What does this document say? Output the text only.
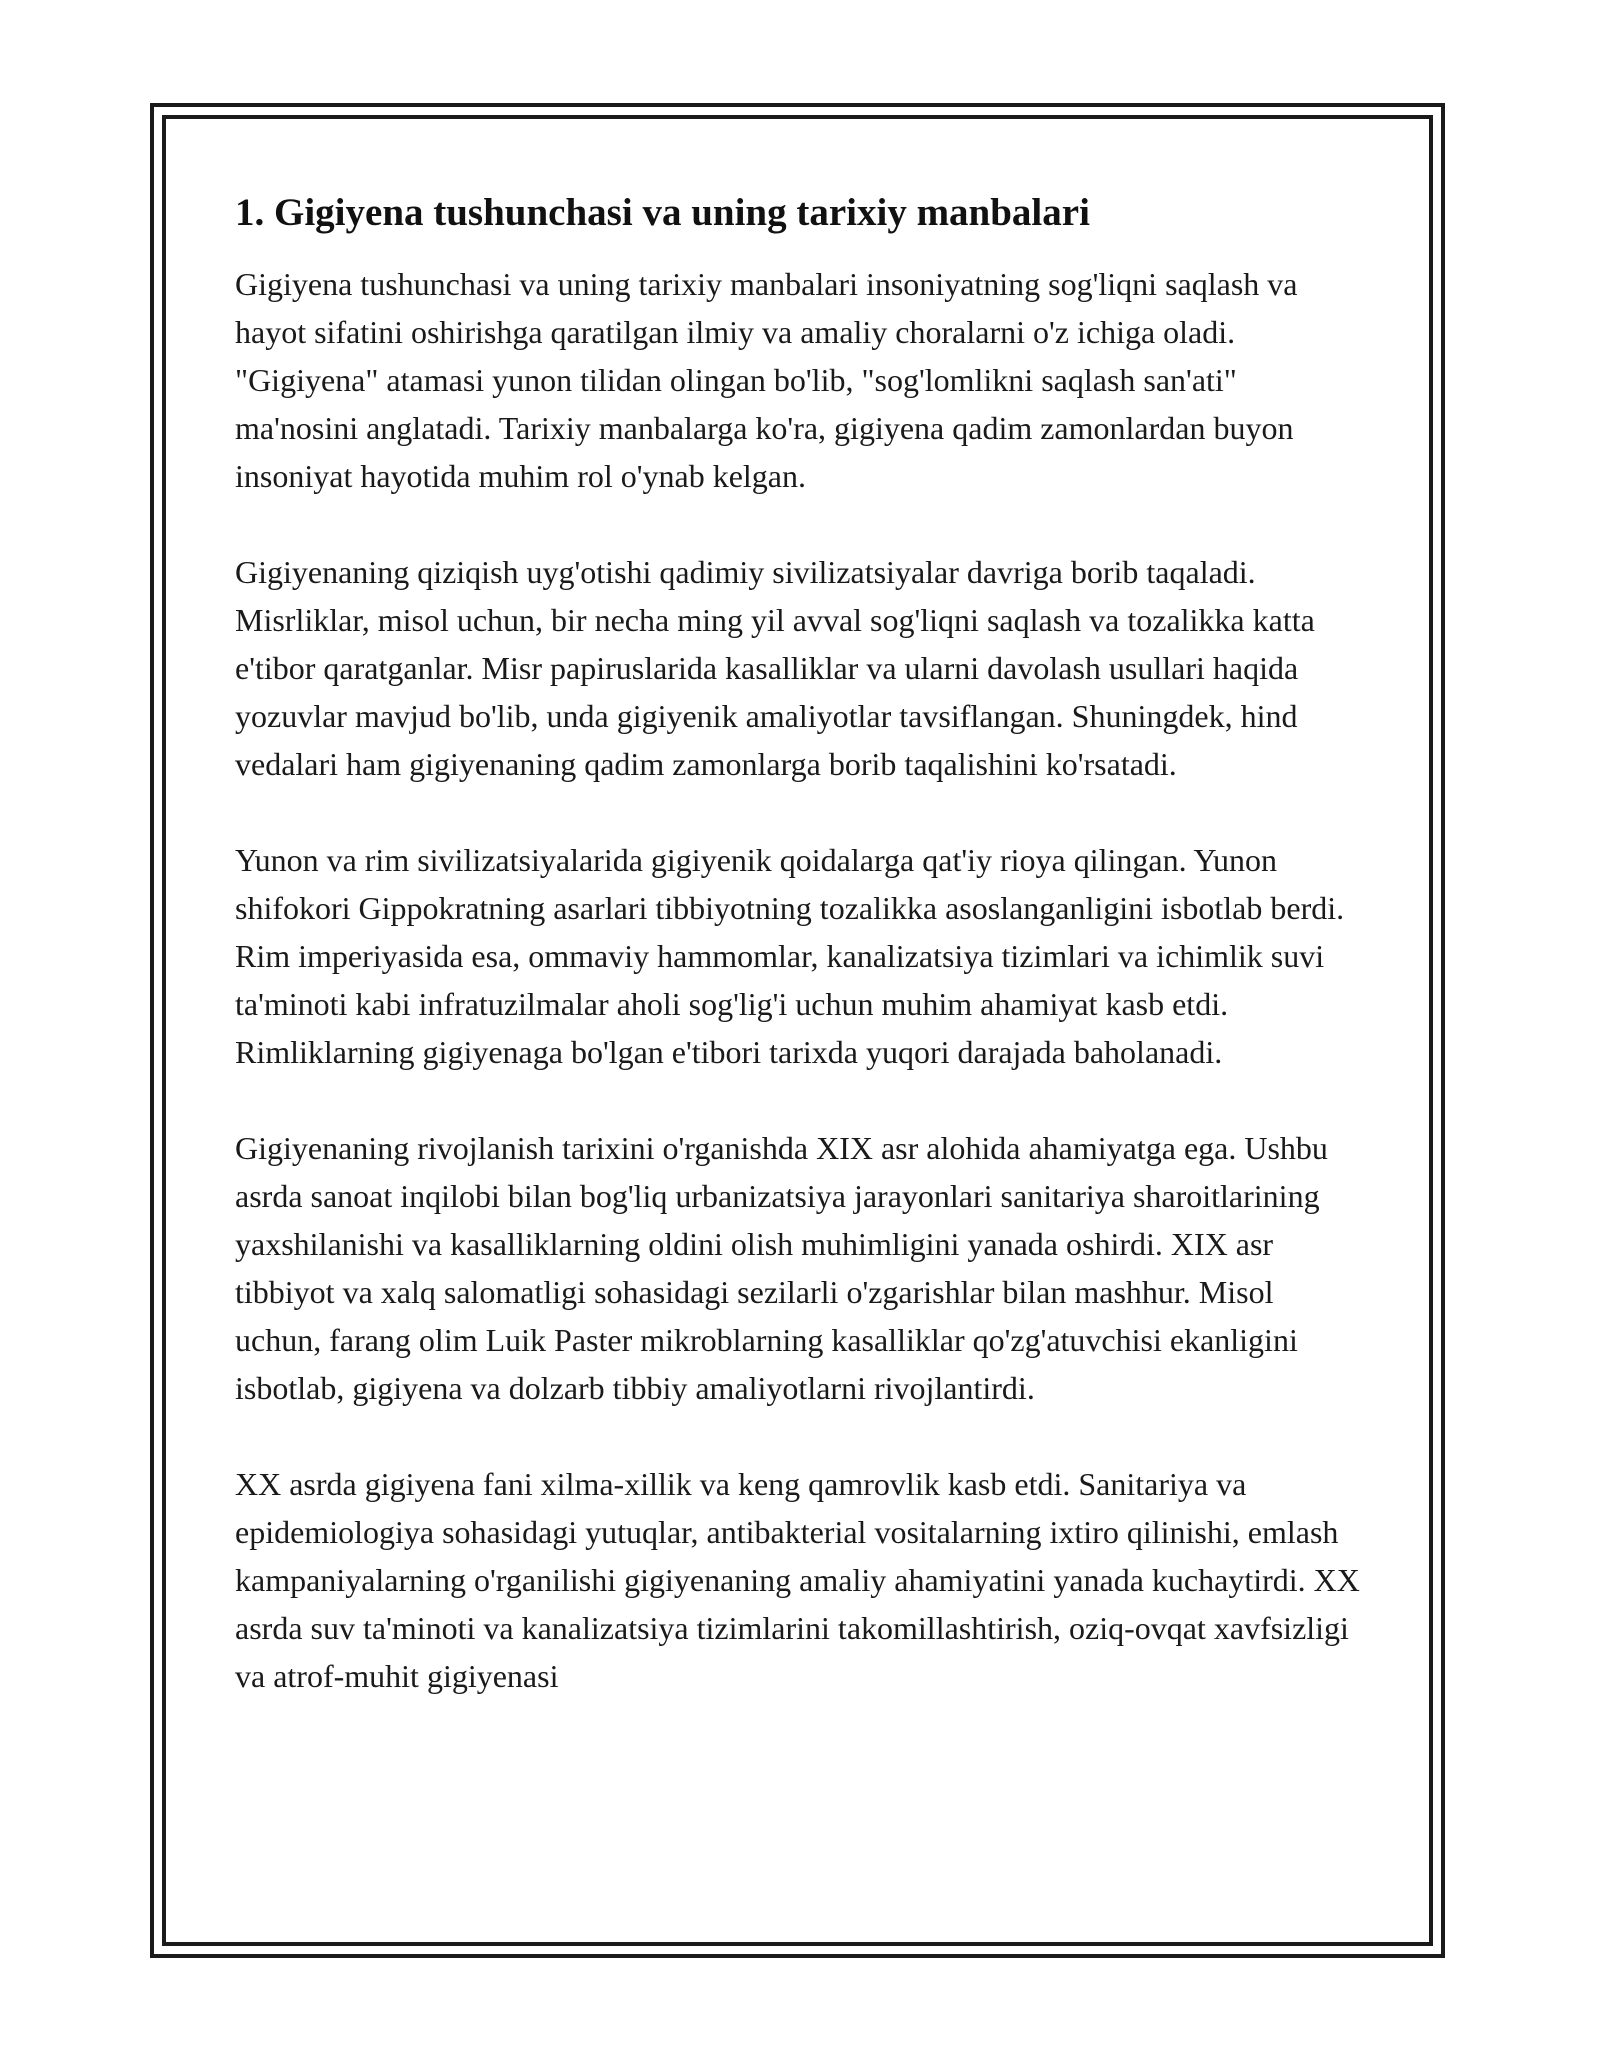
1. Gigiyena tushunchasi va uning tarixiy manbalari

Gigiyena tushunchasi va uning tarixiy manbalari insoniyatning sog'liqni saqlash va hayot sifatini oshirishga qaratilgan ilmiy va amaliy choralarni o'z ichiga oladi. "Gigiyena" atamasi yunon tilidan olingan bo'lib, "sog'lomlikni saqlash san'ati" ma'nosini anglatadi. Tarixiy manbalarga ko'ra, gigiyena qadim zamonlardan buyon insoniyat hayotida muhim rol o'ynab kelgan.

Gigiyenaning qiziqish uyg'otishi qadimiy sivilizatsiyalar davriga borib taqaladi. Misrliklar, misol uchun, bir necha ming yil avval sog'liqni saqlash va tozalikka katta e'tibor qaratganlar. Misr papiruslarida kasalliklar va ularni davolash usullari haqida yozuvlar mavjud bo'lib, unda gigiyenik amaliyotlar tavsiflangan. Shuningdek, hind vedalari ham gigiyenaning qadim zamonlarga borib taqalishini ko'rsatadi.

Yunon va rim sivilizatsiyalarida gigiyenik qoidalarga qat'iy rioya qilingan. Yunon shifokori Gippokratning asarlari tibbiyotning tozalikka asoslanganligini isbotlab berdi. Rim imperiyasida esa, ommaviy hammomlar, kanalizatsiya tizimlari va ichimlik suvi ta'minoti kabi infratuzilmalar aholi sog'lig'i uchun muhim ahamiyat kasb etdi. Rimliklarning gigiyenaga bo'lgan e'tibori tarixda yuqori darajada baholanadi.

Gigiyenaning rivojlanish tarixini o'rganishda XIX asr alohida ahamiyatga ega. Ushbu asrda sanoat inqilobi bilan bog'liq urbanizatsiya jarayonlari sanitariya sharoitlarining yaxshilanishi va kasalliklarning oldini olish muhimligini yanada oshirdi. XIX asr tibbiyot va xalq salomatligi sohasidagi sezilarli o'zgarishlar bilan mashhur. Misol uchun, farang olim Luik Paster mikroblarning kasalliklar qo'zg'atuvchisi ekanligini isbotlab, gigiyena va dolzarb tibbiy amaliyotlarni rivojlantirdi.

XX asrda gigiyena fani xilma-xillik va keng qamrovlik kasb etdi. Sanitariya va epidemiologiya sohasidagi yutuqlar, antibakterial vositalarning ixtiro qilinishi, emlash kampaniyalarning o'rganilishi gigiyenaning amaliy ahamiyatini yanada kuchaytirdi. XX asrda suv ta'minoti va kanalizatsiya tizimlarini takomillashtirish, oziq-ovqat xavfsizligi va atrof-muhit gigiyenasi
